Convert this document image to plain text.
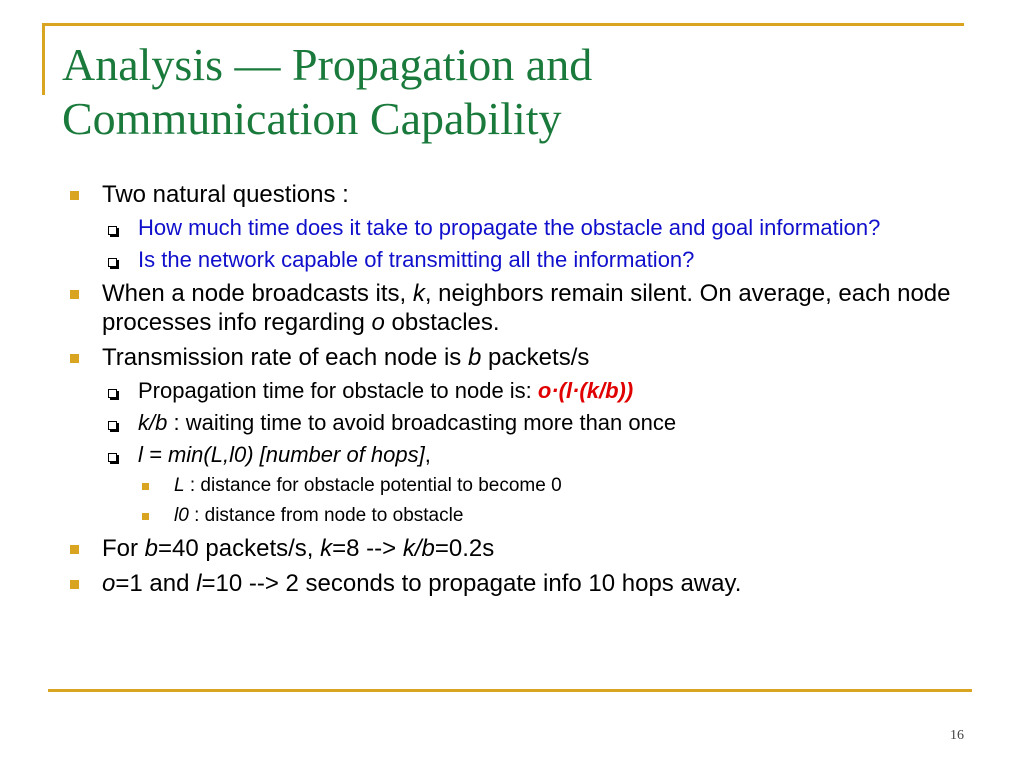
Analysis — Propagation and
Communication Capability
Two natural questions :
How much time does it take to propagate the obstacle and goal information?
Is the network capable of transmitting all the information?
When a node broadcasts its, k, neighbors remain silent. On average, each node processes info regarding o obstacles.
Transmission rate of each node is b packets/s
Propagation time for obstacle to node is: o·(l·(k/b))
k/b : waiting time to avoid broadcasting more than once
l = min(L,l0) [number of hops],
L : distance for obstacle potential to become 0
l0 : distance from node to obstacle
For b=40 packets/s, k=8 --> k/b=0.2s
o=1 and l=10 --> 2 seconds to propagate info 10 hops away.
16
